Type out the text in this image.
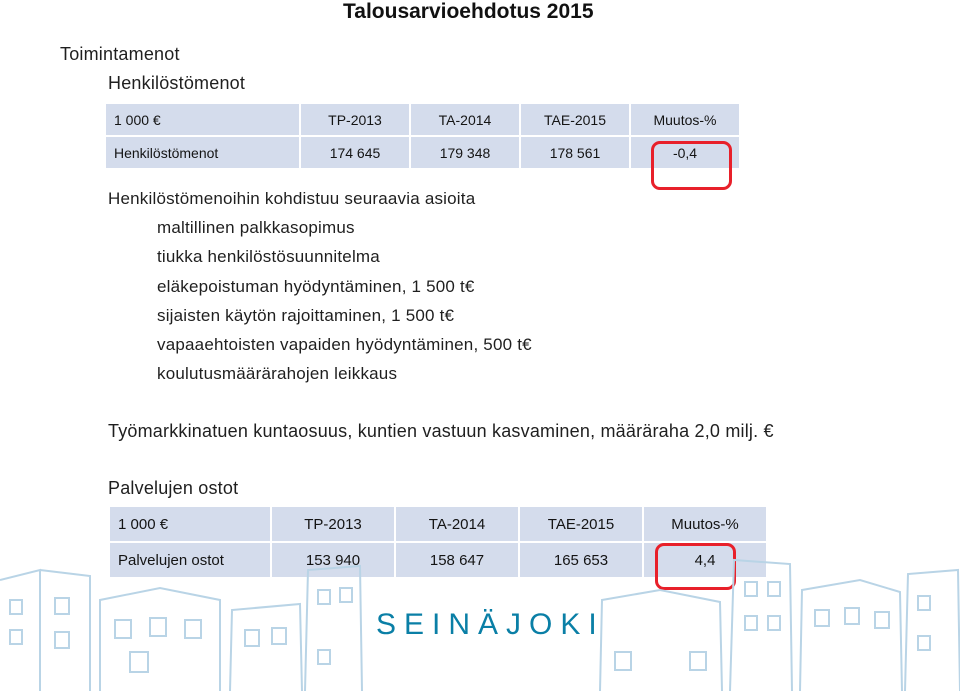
Talousarvioehdotus 2015
Toimintamenot
Henkilöstömenot
1 000 €	TP-2013	TA-2014	TAE-2015	Muutos-%
Henkilöstömenot	174 645	179 348	178 561	-0,4
Henkilöstömenoihin kohdistuu seuraavia asioita
maltillinen palkkasopimus
tiukka henkilöstösuunnitelma
eläkepoistuman hyödyntäminen, 1 500 t€
sijaisten käytön rajoittaminen, 1 500 t€
vapaaehtoisten vapaiden hyödyntäminen, 500 t€
koulutusmäärärahojen leikkaus
Työmarkkinatuen kuntaosuus, kuntien vastuun kasvaminen, määräraha 2,0 milj. €
Palvelujen ostot
1 000 €	TP-2013	TA-2014	TAE-2015	Muutos-%
Palvelujen ostot	153 940	158 647	165 653	4,4
SEINÄJOKI
